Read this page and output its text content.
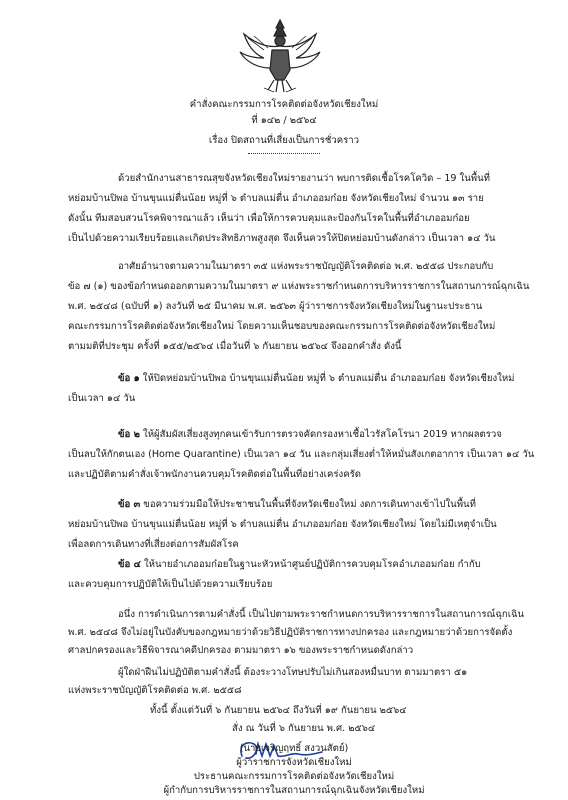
คำสั่งคณะกรรมการโรคติดต่อจังหวัดเชียงใหม่
ที่ ๑๔๒ / ๒๕๖๔
เรื่อง ปิดสถานที่เสี่ยงเป็นการชั่วคราว
ด้วยสำนักงานสาธารณสุขจังหวัดเชียงใหม่รายงานว่า พบการติดเชื้อโรคโควิด – 19 ในพื้นที่
หย่อมบ้านปิพอ บ้านขุนแม่ตื่นน้อย หมู่ที่ ๖ ตำบลแม่ตื่น อำเภออมก๋อย จังหวัดเชียงใหม่ จำนวน ๑๓ ราย
ดังนั้น ทีมสอบสวนโรคพิจารณาแล้ว เห็นว่า เพื่อให้การควบคุมและป้องกันโรคในพื้นที่อำเภออมก๋อย
เป็นไปด้วยความเรียบร้อยและเกิดประสิทธิภาพสูงสุด จึงเห็นควรให้ปิดหย่อมบ้านดังกล่าว เป็นเวลา ๑๔ วัน
อาศัยอำนาจตามความในมาตรา ๓๕ แห่งพระราชบัญญัติโรคติดต่อ พ.ศ. ๒๕๕๘ ประกอบกับ
ข้อ ๗ (๑) ของข้อกำหนดออกตามความในมาตรา ๙ แห่งพระราชกำหนดการบริหารราชการในสถานการณ์ฉุกเฉิน
พ.ศ. ๒๕๔๘ (ฉบับที่ ๑) ลงวันที่ ๒๕ มีนาคม พ.ศ. ๒๕๖๓ ผู้ว่าราชการจังหวัดเชียงใหม่ในฐานะประธาน
คณะกรรมการโรคติดต่อจังหวัดเชียงใหม่ โดยความเห็นชอบของคณะกรรมการโรคติดต่อจังหวัดเชียงใหม่
ตามมติที่ประชุม ครั้งที่ ๑๕๕/๒๕๖๔ เมื่อวันที่ ๖ กันยายน ๒๕๖๔ จึงออกคำสั่ง ดังนี้
ข้อ ๑ ให้ปิดหย่อมบ้านปิพอ บ้านขุนแม่ตื่นน้อย หมู่ที่ ๖ ตำบลแม่ตื่น อำเภออมก๋อย จังหวัดเชียงใหม่
เป็นเวลา ๑๔ วัน
ข้อ ๒ ให้ผู้สัมผัสเสี่ยงสูงทุกคนเข้ารับการตรวจคัดกรองหาเชื้อไวรัสโคโรนา 2019 หากผลตรวจ
เป็นลบให้กักตนเอง (Home Quarantine) เป็นเวลา ๑๔ วัน และกลุ่มเสี่ยงต่ำให้หมั่นสังเกตอาการ เป็นเวลา ๑๔ วัน
และปฏิบัติตามคำสั่งเจ้าพนักงานควบคุมโรคติดต่อในพื้นที่อย่างเคร่งครัด
ข้อ ๓ ขอความร่วมมือให้ประชาชนในพื้นที่จังหวัดเชียงใหม่ งดการเดินทางเข้าไปในพื้นที่
หย่อมบ้านปิพอ บ้านขุนแม่ตื่นน้อย หมู่ที่ ๖ ตำบลแม่ตื่น อำเภออมก๋อย จังหวัดเชียงใหม่ โดยไม่มีเหตุจำเป็น
เพื่อลดการเดินทางที่เสี่ยงต่อการสัมผัสโรค
ข้อ ๔ ให้นายอำเภออมก๋อยในฐานะหัวหน้าศูนย์ปฏิบัติการควบคุมโรคอำเภออมก๋อย กำกับ
และควบคุมการปฏิบัติให้เป็นไปด้วยความเรียบร้อย
อนึ่ง การดำเนินการตามคำสั่งนี้ เป็นไปตามพระราชกำหนดการบริหารราชการในสถานการณ์ฉุกเฉิน
พ.ศ. ๒๕๔๘ จึงไม่อยู่ในบังคับของกฎหมายว่าด้วยวิธีปฏิบัติราชการทางปกครอง และกฎหมายว่าด้วยการจัดตั้ง
ศาลปกครองและวิธีพิจารณาคดีปกครอง ตามมาตรา ๑๖ ของพระราชกำหนดดังกล่าว
ผู้ใดฝ่าฝืนไม่ปฏิบัติตามคำสั่งนี้ ต้องระวางโทษปรับไม่เกินสองหมื่นบาท ตามมาตรา ๕๑
แห่งพระราชบัญญัติโรคติดต่อ พ.ศ. ๒๕๕๘
ทั้งนี้ ตั้งแต่วันที่ ๖ กันยายน ๒๕๖๔ ถึงวันที่ ๑๙ กันยายน ๒๕๖๔
สั่ง ณ วันที่ ๖ กันยายน พ.ศ. ๒๕๖๔
(นายเจริญฤทธิ์ สงวนสัตย์)
ผู้ว่าราชการจังหวัดเชียงใหม่
ประธานคณะกรรมการโรคติดต่อจังหวัดเชียงใหม่
ผู้กำกับการบริหารราชการในสถานการณ์ฉุกเฉินจังหวัดเชียงใหม่
